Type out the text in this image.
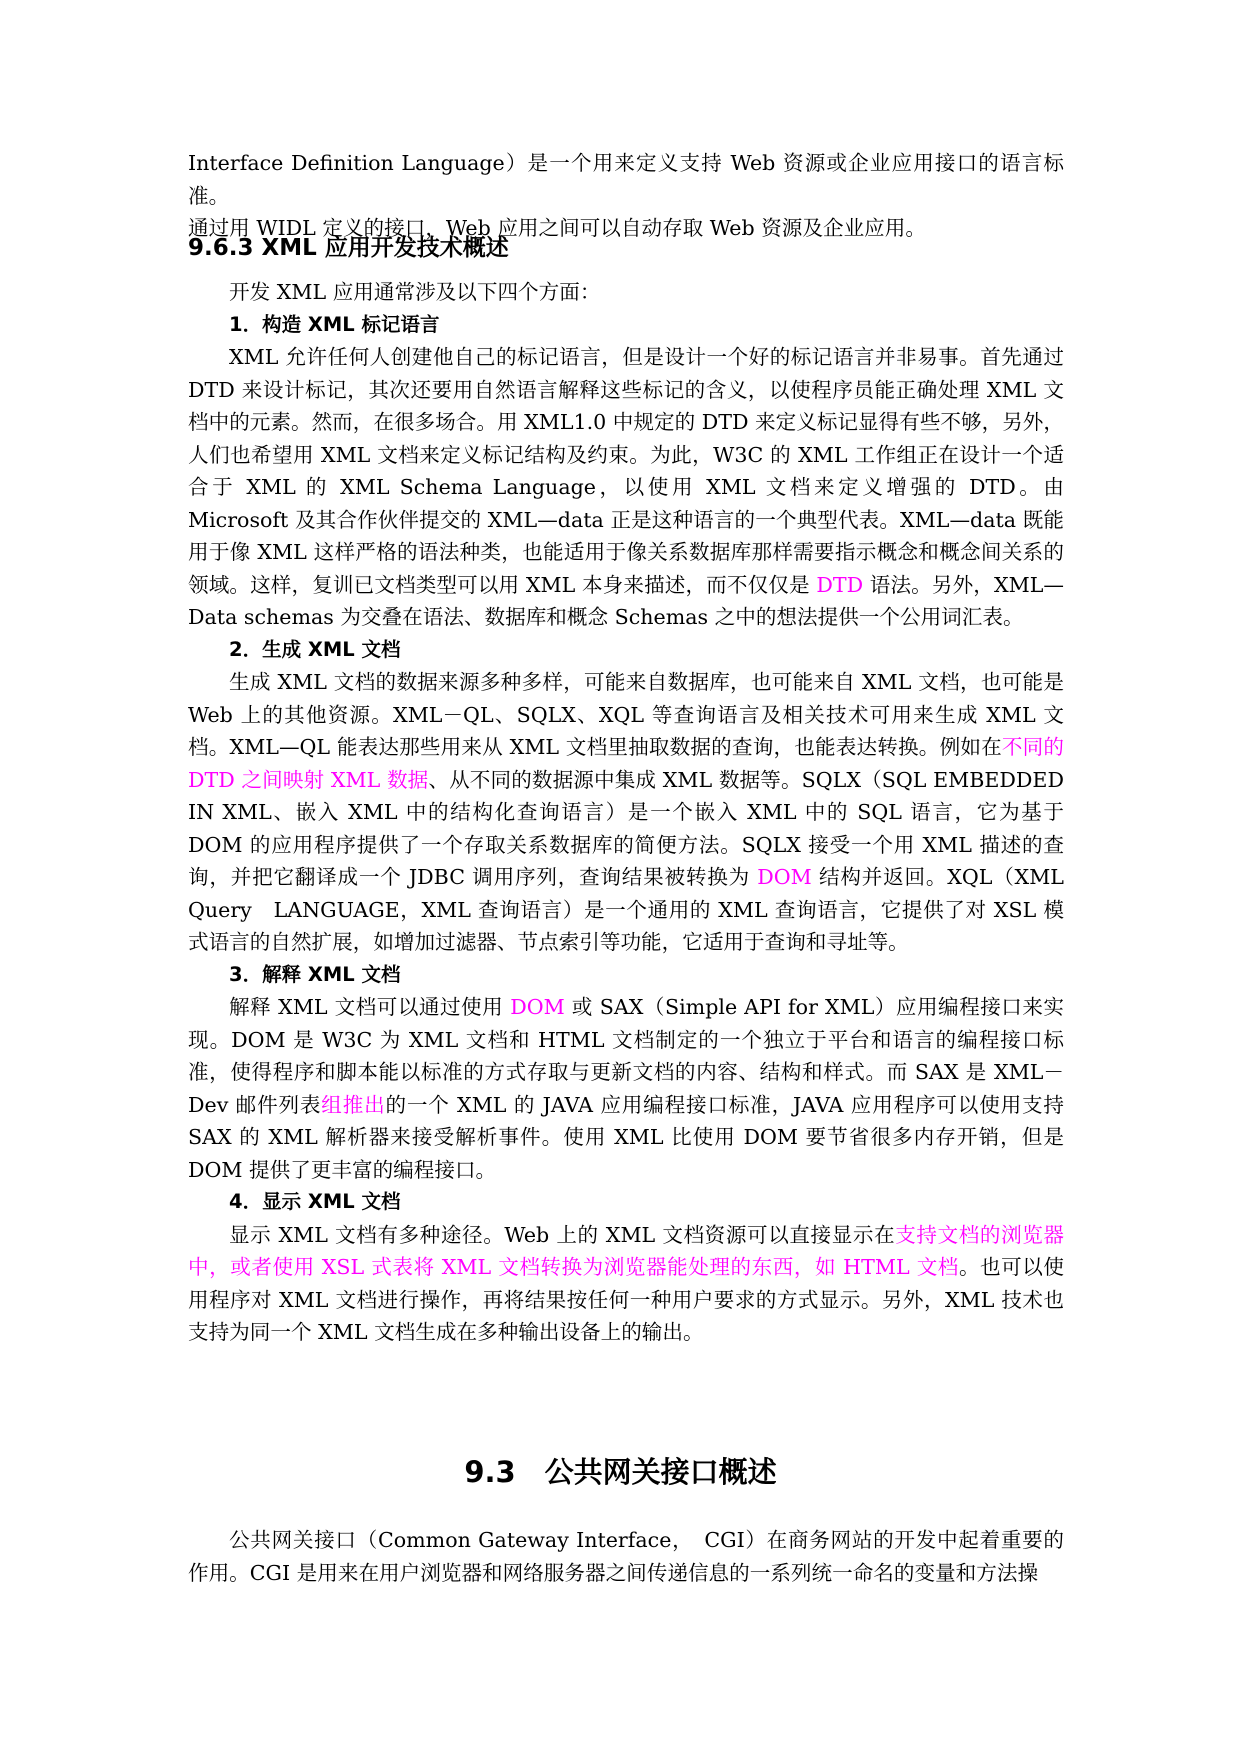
Interface Definition Language）是一个用来定义支持 Web 资源或企业应用接口的语言标准。

通过用 WIDL 定义的接口，Web 应用之间可以自动存取 Web 资源及企业应用。

9.6.3 XML 应用开发技术概述

开发 XML 应用通常涉及以下四个方面：

1．构造 XML 标记语言

XML 允许任何人创建他自己的标记语言，但是设计一个好的标记语言并非易事。首先通过 DTD 来设计标记，其次还要用自然语言解释这些标记的含义，以使程序员能正确处理 XML 文档中的元素。然而，在很多场合。用 XML1.0 中规定的 DTD 来定义标记显得有些不够，另外，人们也希望用 XML 文档来定义标记结构及约束。为此，W3C 的 XML 工作组正在设计一个适合于 XML 的 XML Schema Language，以使用 XML 文档来定义增强的 DTD。由 Microsoft 及其合作伙伴提交的 XML—data 正是这种语言的一个典型代表。XML—data 既能用于像 XML 这样严格的语法种类，也能适用于像关系数据库那样需要指示概念和概念间关系的领域。这样，复训已文档类型可以用 XML 本身来描述，而不仅仅是 DTD 语法。另外，XML—Data schemas 为交叠在语法、数据库和概念 Schemas 之中的想法提供一个公用词汇表。

2．生成 XML 文档

生成 XML 文档的数据来源多种多样，可能来自数据库，也可能来自 XML 文档，也可能是 Web 上的其他资源。XML－QL、SQLX、XQL 等查询语言及相关技术可用来生成 XML 文档。XML—QL 能表达那些用来从 XML 文档里抽取数据的查询，也能表达转换。例如在不同的 DTD 之间映射 XML 数据、从不同的数据源中集成 XML 数据等。SQLX（SQL EMBEDDED IN XML、嵌入 XML 中的结构化查询语言）是一个嵌入 XML 中的 SQL 语言，它为基于 DOM 的应用程序提供了一个存取关系数据库的简便方法。SQLX 接受一个用 XML 描述的查询，并把它翻译成一个 JDBC 调用序列，查询结果被转换为 DOM 结构并返回。XQL（XML Query　LANGUAGE，XML 查询语言）是一个通用的 XML 查询语言，它提供了对 XSL 模式语言的自然扩展，如增加过滤器、节点索引等功能，它适用于查询和寻址等。

3．解释 XML 文档

解释 XML 文档可以通过使用 DOM 或 SAX（Simple API for XML）应用编程接口来实现。DOM 是 W3C 为 XML 文档和 HTML 文档制定的一个独立于平台和语言的编程接口标准，使得程序和脚本能以标准的方式存取与更新文档的内容、结构和样式。而 SAX 是 XML－Dev 邮件列表组推出的一个 XML 的 JAVA 应用编程接口标准，JAVA 应用程序可以使用支持 SAX 的 XML 解析器来接受解析事件。使用 XML 比使用 DOM 要节省很多内存开销，但是 DOM 提供了更丰富的编程接口。

4．显示 XML 文档

显示 XML 文档有多种途径。Web 上的 XML 文档资源可以直接显示在支持文档的浏览器中，或者使用 XSL 式表将 XML 文档转换为浏览器能处理的东西，如 HTML 文档。也可以使用程序对 XML 文档进行操作，再将结果按任何一种用户要求的方式显示。另外，XML 技术也支持为同一个 XML 文档生成在多种输出设备上的输出。

9.3　公共网关接口概述

公共网关接口（Common Gateway Interface，　CGI）在商务网站的开发中起着重要的作用。CGI 是用来在用户浏览器和网络服务器之间传递信息的一系列统一命名的变量和方法操
